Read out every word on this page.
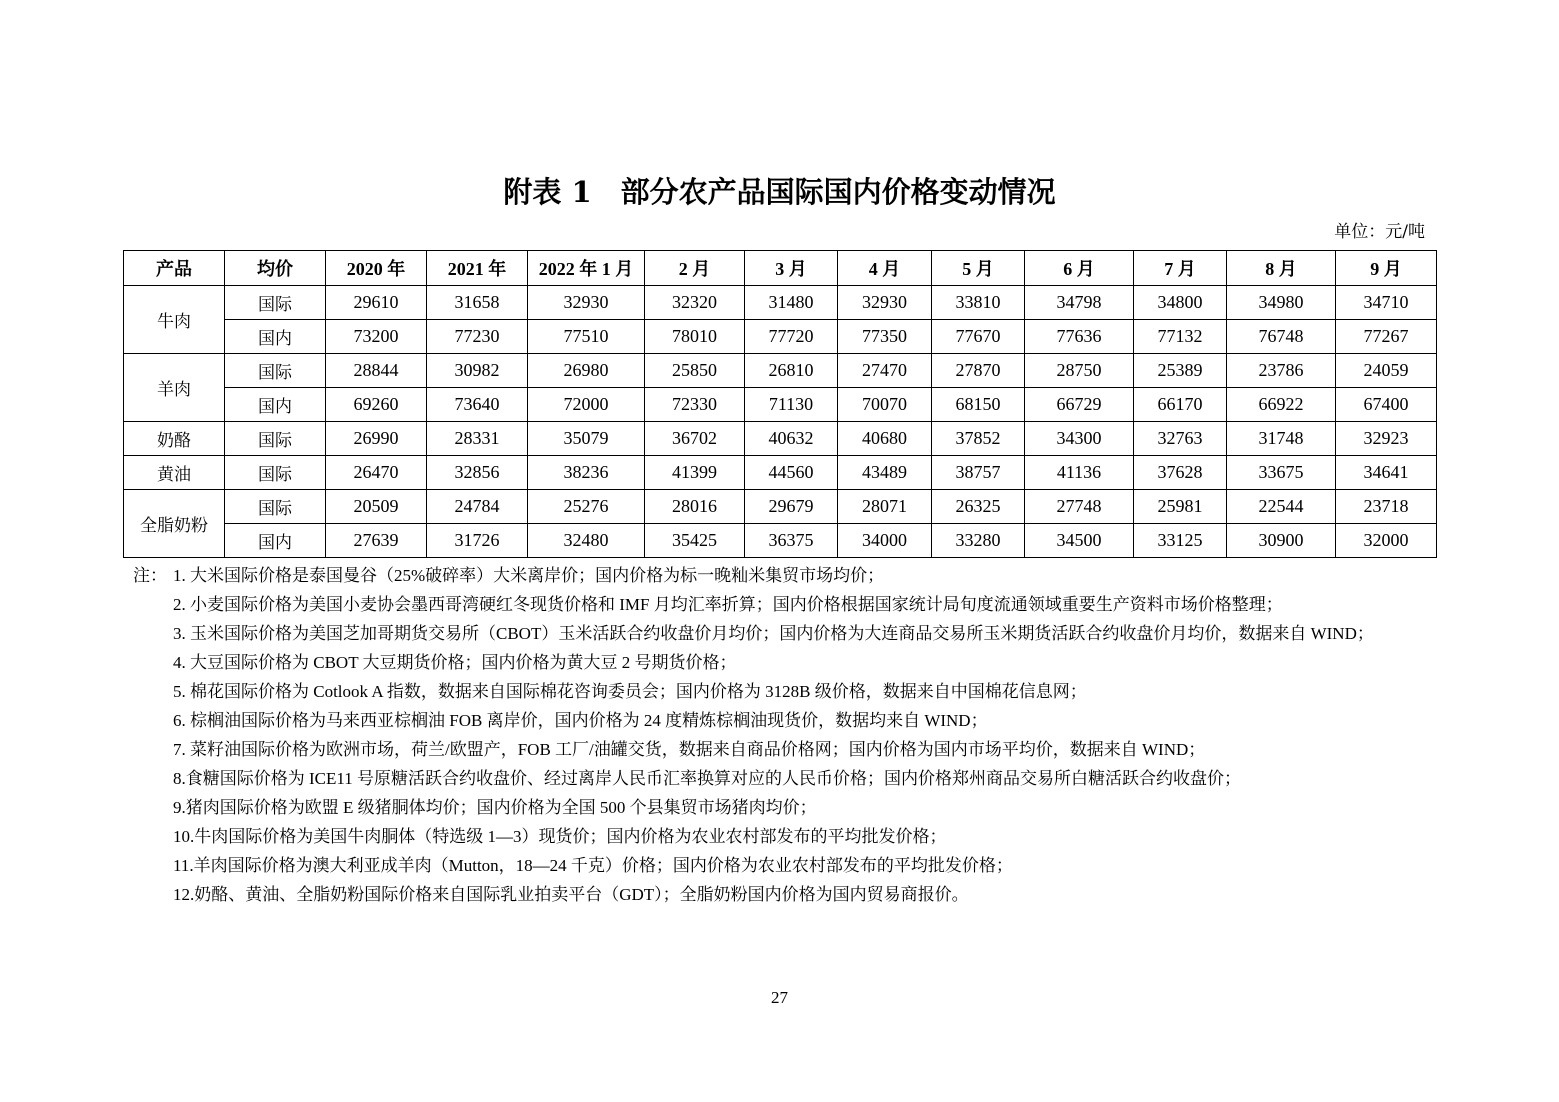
附表 1　部分农产品国际国内价格变动情况
单位：元/吨
产品	均价	2020 年	2021 年	2022 年 1 月	2 月	3 月	4 月	5 月	6 月	7 月	8 月	9 月
牛肉	国际	29610	31658	32930	32320	31480	32930	33810	34798	34800	34980	34710
	国内	73200	77230	77510	78010	77720	77350	77670	77636	77132	76748	77267
羊肉	国际	28844	30982	26980	25850	26810	27470	27870	28750	25389	23786	24059
	国内	69260	73640	72000	72330	71130	70070	68150	66729	66170	66922	67400
奶酪	国际	26990	28331	35079	36702	40632	40680	37852	34300	32763	31748	32923
黄油	国际	26470	32856	38236	41399	44560	43489	38757	41136	37628	33675	34641
全脂奶粉	国际	20509	24784	25276	28016	29679	28071	26325	27748	25981	22544	23718
	国内	27639	31726	32480	35425	36375	34000	33280	34500	33125	30900	32000
注： 1. 大米国际价格是泰国曼谷（25%破碎率）大米离岸价；国内价格为标一晚籼米集贸市场均价；
2. 小麦国际价格为美国小麦协会墨西哥湾硬红冬现货价格和 IMF 月均汇率折算；国内价格根据国家统计局旬度流通领域重要生产资料市场价格整理；
3. 玉米国际价格为美国芝加哥期货交易所（CBOT）玉米活跃合约收盘价月均价；国内价格为大连商品交易所玉米期货活跃合约收盘价月均价，数据来自 WIND；
4. 大豆国际价格为 CBOT 大豆期货价格；国内价格为黄大豆 2 号期货价格；
5. 棉花国际价格为 Cotlook A 指数，数据来自国际棉花咨询委员会；国内价格为 3128B 级价格，数据来自中国棉花信息网；
6. 棕榈油国际价格为马来西亚棕榈油 FOB 离岸价，国内价格为 24 度精炼棕榈油现货价，数据均来自 WIND；
7. 菜籽油国际价格为欧洲市场，荷兰/欧盟产，FOB 工厂/油罐交货，数据来自商品价格网；国内价格为国内市场平均价，数据来自 WIND；
8.食糖国际价格为 ICE11 号原糖活跃合约收盘价、经过离岸人民币汇率换算对应的人民币价格；国内价格郑州商品交易所白糖活跃合约收盘价；
9.猪肉国际价格为欧盟 E 级猪胴体均价；国内价格为全国 500 个县集贸市场猪肉均价；
10.牛肉国际价格为美国牛肉胴体（特选级 1—3）现货价；国内价格为农业农村部发布的平均批发价格；
11.羊肉国际价格为澳大利亚成羊肉（Mutton，18—24 千克）价格；国内价格为农业农村部发布的平均批发价格；
12.奶酪、黄油、全脂奶粉国际价格来自国际乳业拍卖平台（GDT）；全脂奶粉国内价格为国内贸易商报价。
27
